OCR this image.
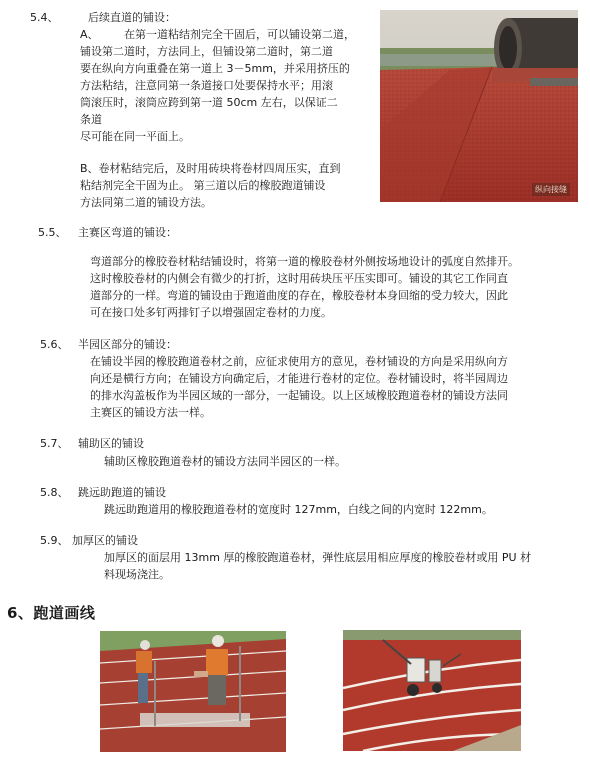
5.4、	后续直道的铺设：
A、 在第一道粘结剂完全干固后，可以铺设第二道，
铺设第二道时，方法同上，但铺设第二道时，第二道
要在纵向方向重叠在第一道上 3－5mm，并采用挤压的
方法粘结，注意同第一条道接口处要保持水平；用滚
筒滚压时，滚筒应跨到第一道 50cm 左右，以保证二
条道
尽可能在同一平面上。
B、卷材粘结完后，及时用砖块将卷材四周压实，直到
粘结剂完全干固为止。 第三道以后的橡胶跑道铺设
方法同第二道的铺设方法。
纵向接缝
5.5、 主赛区弯道的铺设：
弯道部分的橡胶卷材粘结铺设时，将第一道的橡胶卷材外侧按场地设计的弧度自然排开。
这时橡胶卷材的内侧会有微少的打折，这时用砖块压平压实即可。铺设的其它工作同直
道部分的一样。弯道的铺设由于跑道曲度的存在，橡胶卷材本身回缩的受力较大，因此
可在接口处多钉两排钉子以增强固定卷材的力度。
5.6、 半园区部分的铺设：
在铺设半园的橡胶跑道卷材之前，应征求使用方的意见，卷材铺设的方向是采用纵向方
向还是横行方向；在铺设方向确定后，才能进行卷材的定位。卷材铺设时，将半园周边
的排水沟盖板作为半园区域的一部分，一起铺设。以上区域橡胶跑道卷材的铺设方法同
主赛区的铺设方法一样。
5.7、 辅助区的铺设
辅助区橡胶跑道卷材的铺设方法同半园区的一样。
5.8、 跳远助跑道的铺设
跳远助跑道用的橡胶跑道卷材的宽度时 127mm，白线之间的内宽时 122mm。
5.9、 加厚区的铺设
加厚区的面层用 13mm 厚的橡胶跑道卷材，弹性底层用相应厚度的橡胶卷材或用 PU 材
料现场浇注。
6、跑道画线
